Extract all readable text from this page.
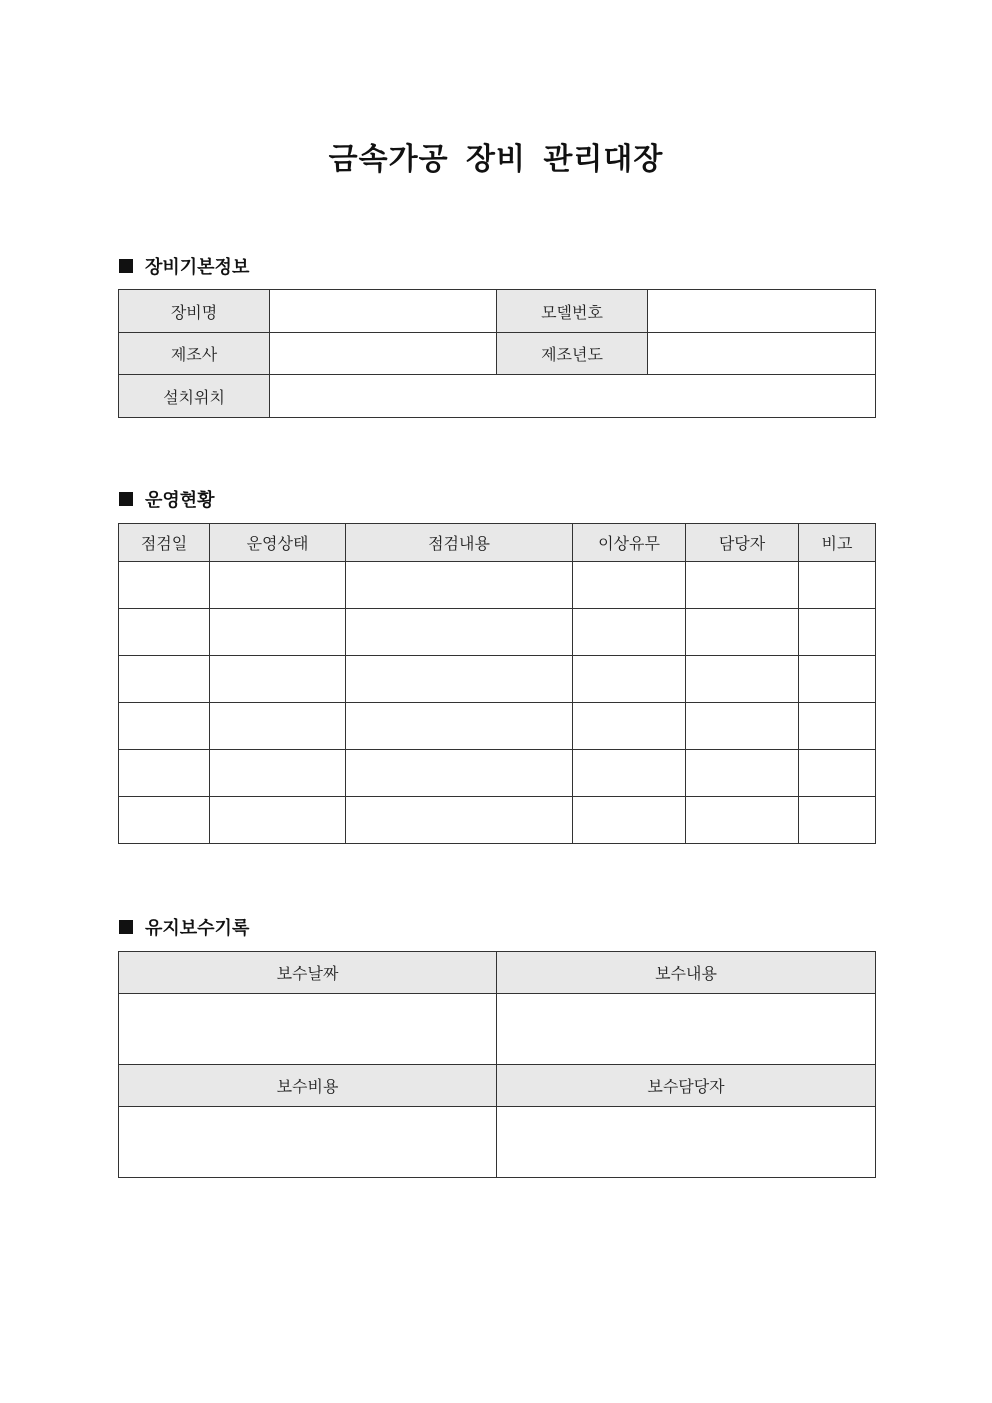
금속가공 장비 관리대장
장비기본정보
장비명		모델번호	
제조사		제조년도	
설치위치			
운영현황
점검일	운영상태	점검내용	이상유무	담당자	비고

유지보수기록
보수날짜	보수내용

보수비용	보수담당자
